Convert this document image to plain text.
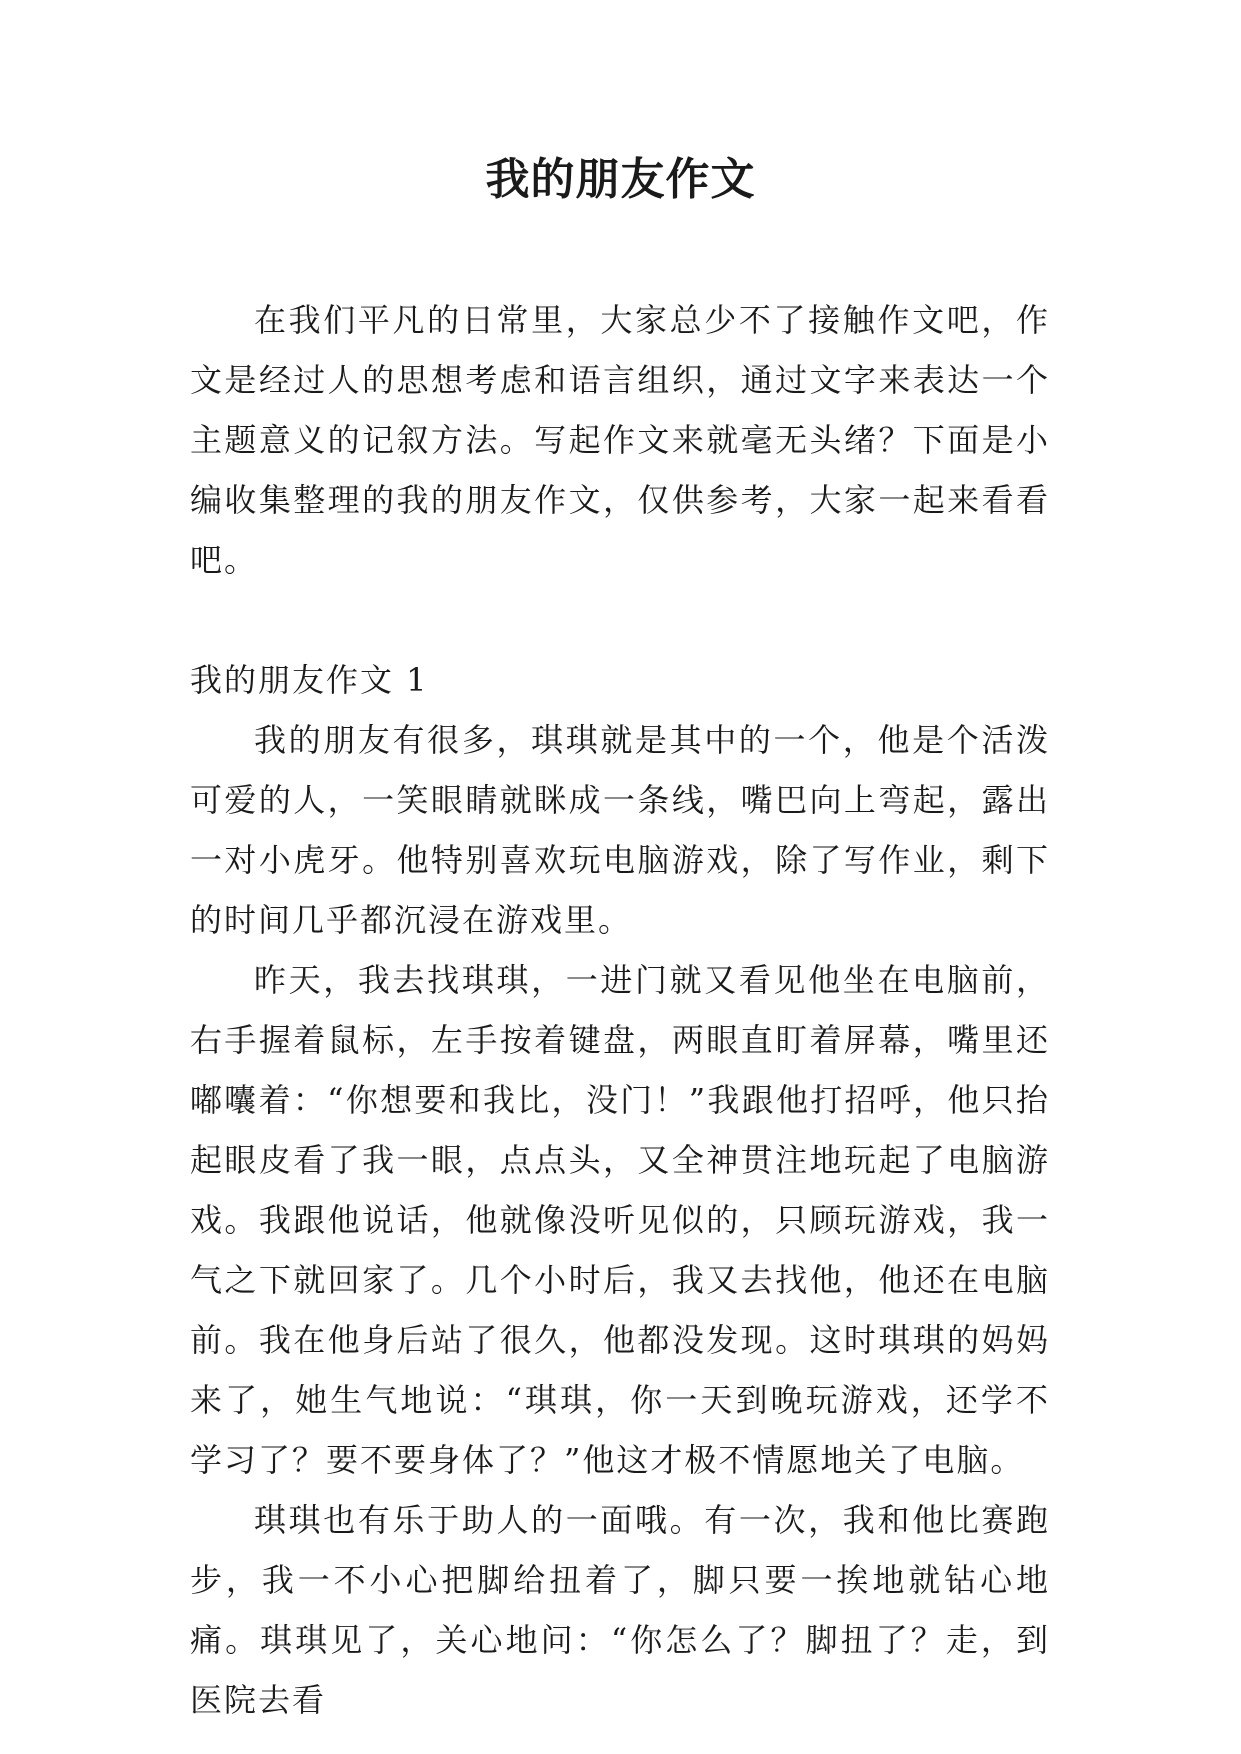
我的朋友作文

在我们平凡的日常里，大家总少不了接触作文吧，作文是经过人的思想考虑和语言组织，通过文字来表达一个主题意义的记叙方法。写起作文来就毫无头绪？下面是小编收集整理的我的朋友作文，仅供参考，大家一起来看看吧。

我的朋友作文 1

我的朋友有很多，琪琪就是其中的一个，他是个活泼可爱的人，一笑眼睛就眯成一条线，嘴巴向上弯起，露出一对小虎牙。他特别喜欢玩电脑游戏，除了写作业，剩下的时间几乎都沉浸在游戏里。

昨天，我去找琪琪，一进门就又看见他坐在电脑前，右手握着鼠标，左手按着键盘，两眼直盯着屏幕，嘴里还嘟囔着：“你想要和我比，没门！”我跟他打招呼，他只抬起眼皮看了我一眼，点点头，又全神贯注地玩起了电脑游戏。我跟他说话，他就像没听见似的，只顾玩游戏，我一气之下就回家了。几个小时后，我又去找他，他还在电脑前。我在他身后站了很久，他都没发现。这时琪琪的妈妈来了，她生气地说：“琪琪，你一天到晚玩游戏，还学不学习了？要不要身体了？”他这才极不情愿地关了电脑。

琪琪也有乐于助人的一面哦。有一次，我和他比赛跑步，我一不小心把脚给扭着了，脚只要一挨地就钻心地痛。琪琪见了，关心地问：“你怎么了？脚扭了？走，到医院去看
